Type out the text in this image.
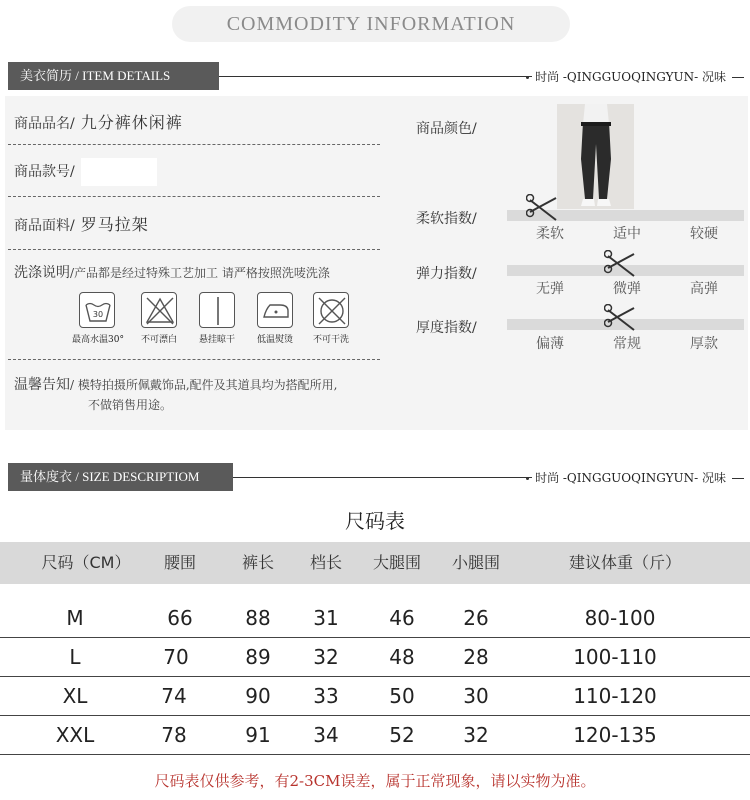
COMMODITY INFORMATION
美衣简历 / ITEM DETAILS	时尚 -QINGGUOQINGYUN- 况味
商品品名/ 九分裤休闲裤
商品款号/
商品面料/ 罗马拉架
洗涤说明/产品都是经过特殊工艺加工 请严格按照洗唛洗涤
30
最高水温30°	不可漂白	悬挂晾干	低温熨烫	不可干洗
温馨告知/ 模特拍摄所佩戴饰品,配件及其道具均为搭配所用,
不做销售用途。
商品颜色/
柔软指数/
柔软	适中	较硬
弹力指数/
无弹	微弹	高弹
厚度指数/
偏薄	常规	厚款
量体度衣 / SIZE DESCRIPTIOM	时尚 -QINGGUOQINGYUN- 况味
尺码表
尺码（CM）	腰围	裤长	档长	大腿围	小腿围	建议体重（斤）
M	66	88	31	46	26	80-100
L	70	89	32	48	28	100-110
XL	74	90	33	50	30	110-120
XXL	78	91	34	52	32	120-135
尺码表仅供参考，有2-3CM误差，属于正常现象，请以实物为准。
